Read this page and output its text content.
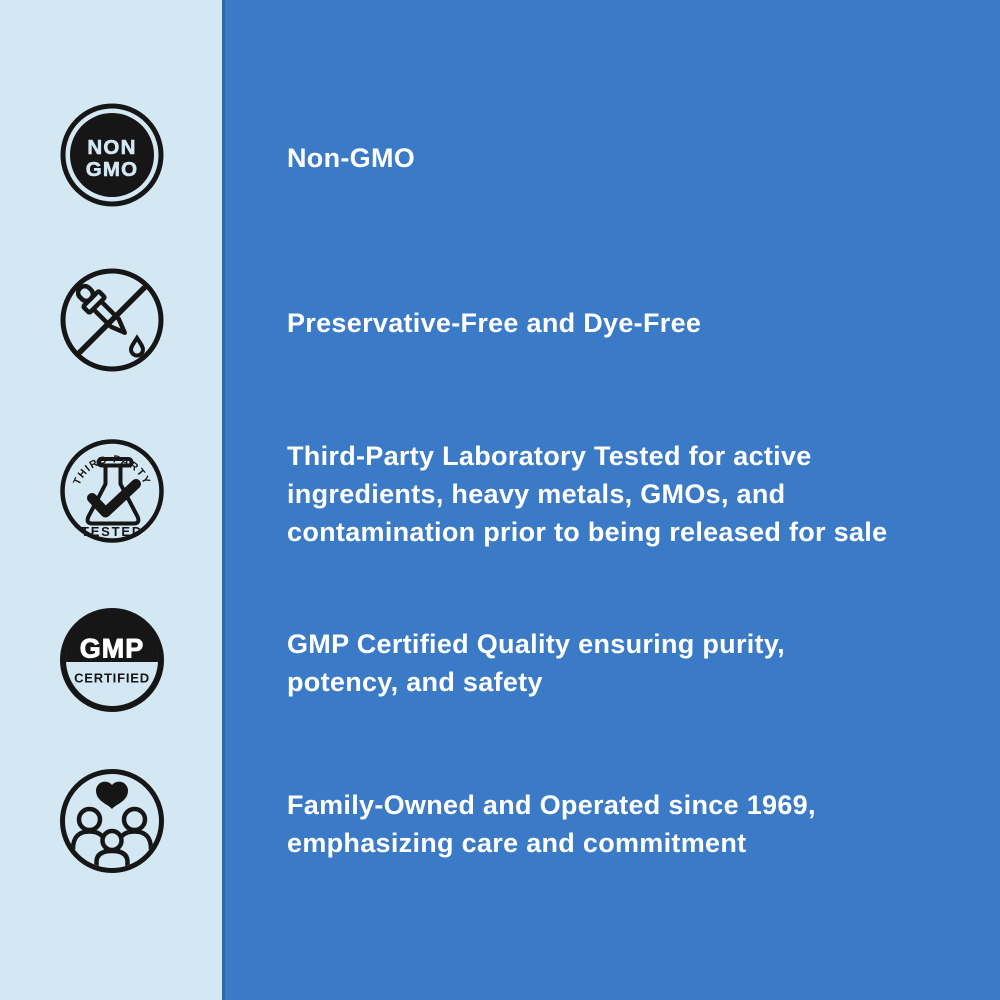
NON
GMO	Non-GMO
Preservative-Free and Dye-Free
THIRD PARTY
TESTED
Third-Party Laboratory Tested for active
ingredients, heavy metals, GMOs, and
contamination prior to being released for sale
GMP
CERTIFIED
GMP Certified Quality ensuring purity,
potency, and safety
Family-Owned and Operated since 1969,
emphasizing care and commitment
